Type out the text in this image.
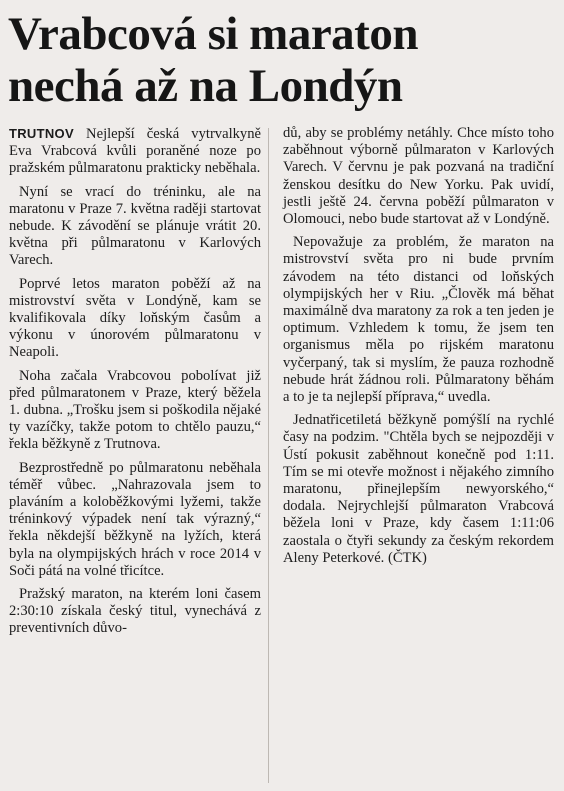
Vrabcová si maraton
nechá až na Londýn

TRUTNOV Nejlepší česká vytrvalkyně Eva Vrabcová kvůli poraněné noze po pražském půlmaratonu prakticky neběhala.

Nyní se vrací do tréninku, ale na maratonu v Praze 7. května raději startovat nebude. K závodění se plánuje vrátit 20. května při půlmaratonu v Karlových Varech.

Poprvé letos maraton poběží až na mistrovství světa v Londýně, kam se kvalifikovala díky loňským časům a výkonu v únorovém půlmaratonu v Neapoli.

Noha začala Vrabcovou pobolívat již před půlmaratonem v Praze, který běžela 1. dubna. „Trošku jsem si poškodila nějaké ty vazíčky, takže potom to chtělo pauzu,“ řekla běžkyně z Trutnova.

Bezprostředně po půlmaratonu neběhala téměř vůbec. „Nahrazovala jsem to plaváním a koloběžkovými lyžemi, takže tréninkový výpadek není tak výrazný,“ řekla někdejší běžkyně na lyžích, která byla na olympijských hrách v roce 2014 v Soči pátá na volné třicítce.

Pražský maraton, na kterém loni časem 2:30:10 získala český titul, vynechává z preventivních důvo-

dů, aby se problémy netáhly. Chce místo toho zaběhnout výborně půlmaraton v Karlových Varech. V červnu je pak pozvaná na tradiční ženskou desítku do New Yorku. Pak uvidí, jestli ještě 24. června poběží půlmaraton v Olomouci, nebo bude startovat až v Londýně.

Nepovažuje za problém, že maraton na mistrovství světa pro ni bude prvním závodem na této distanci od loňských olympijských her v Riu. „Člověk má běhat maximálně dva maratony za rok a ten jeden je optimum. Vzhledem k tomu, že jsem ten organismus měla po rijském maratonu vyčerpaný, tak si myslím, že pauza rozhodně nebude hrát žádnou roli. Půlmaratony běhám a to je ta nejlepší příprava,“ uvedla.

Jednatřicetiletá běžkyně pomýšlí na rychlé časy na podzim. "Chtěla bych se nejpozději v Ústí pokusit zaběhnout konečně pod 1:11. Tím se mi otevře možnost i nějakého zimního maratonu, přinejlepším newyorského,“ dodala. Nejrychlejší půlmaraton Vrabcová běžela loni v Praze, kdy časem 1:11:06 zaostala o čtyři sekundy za českým rekordem Aleny Peterkové. (ČTK)
